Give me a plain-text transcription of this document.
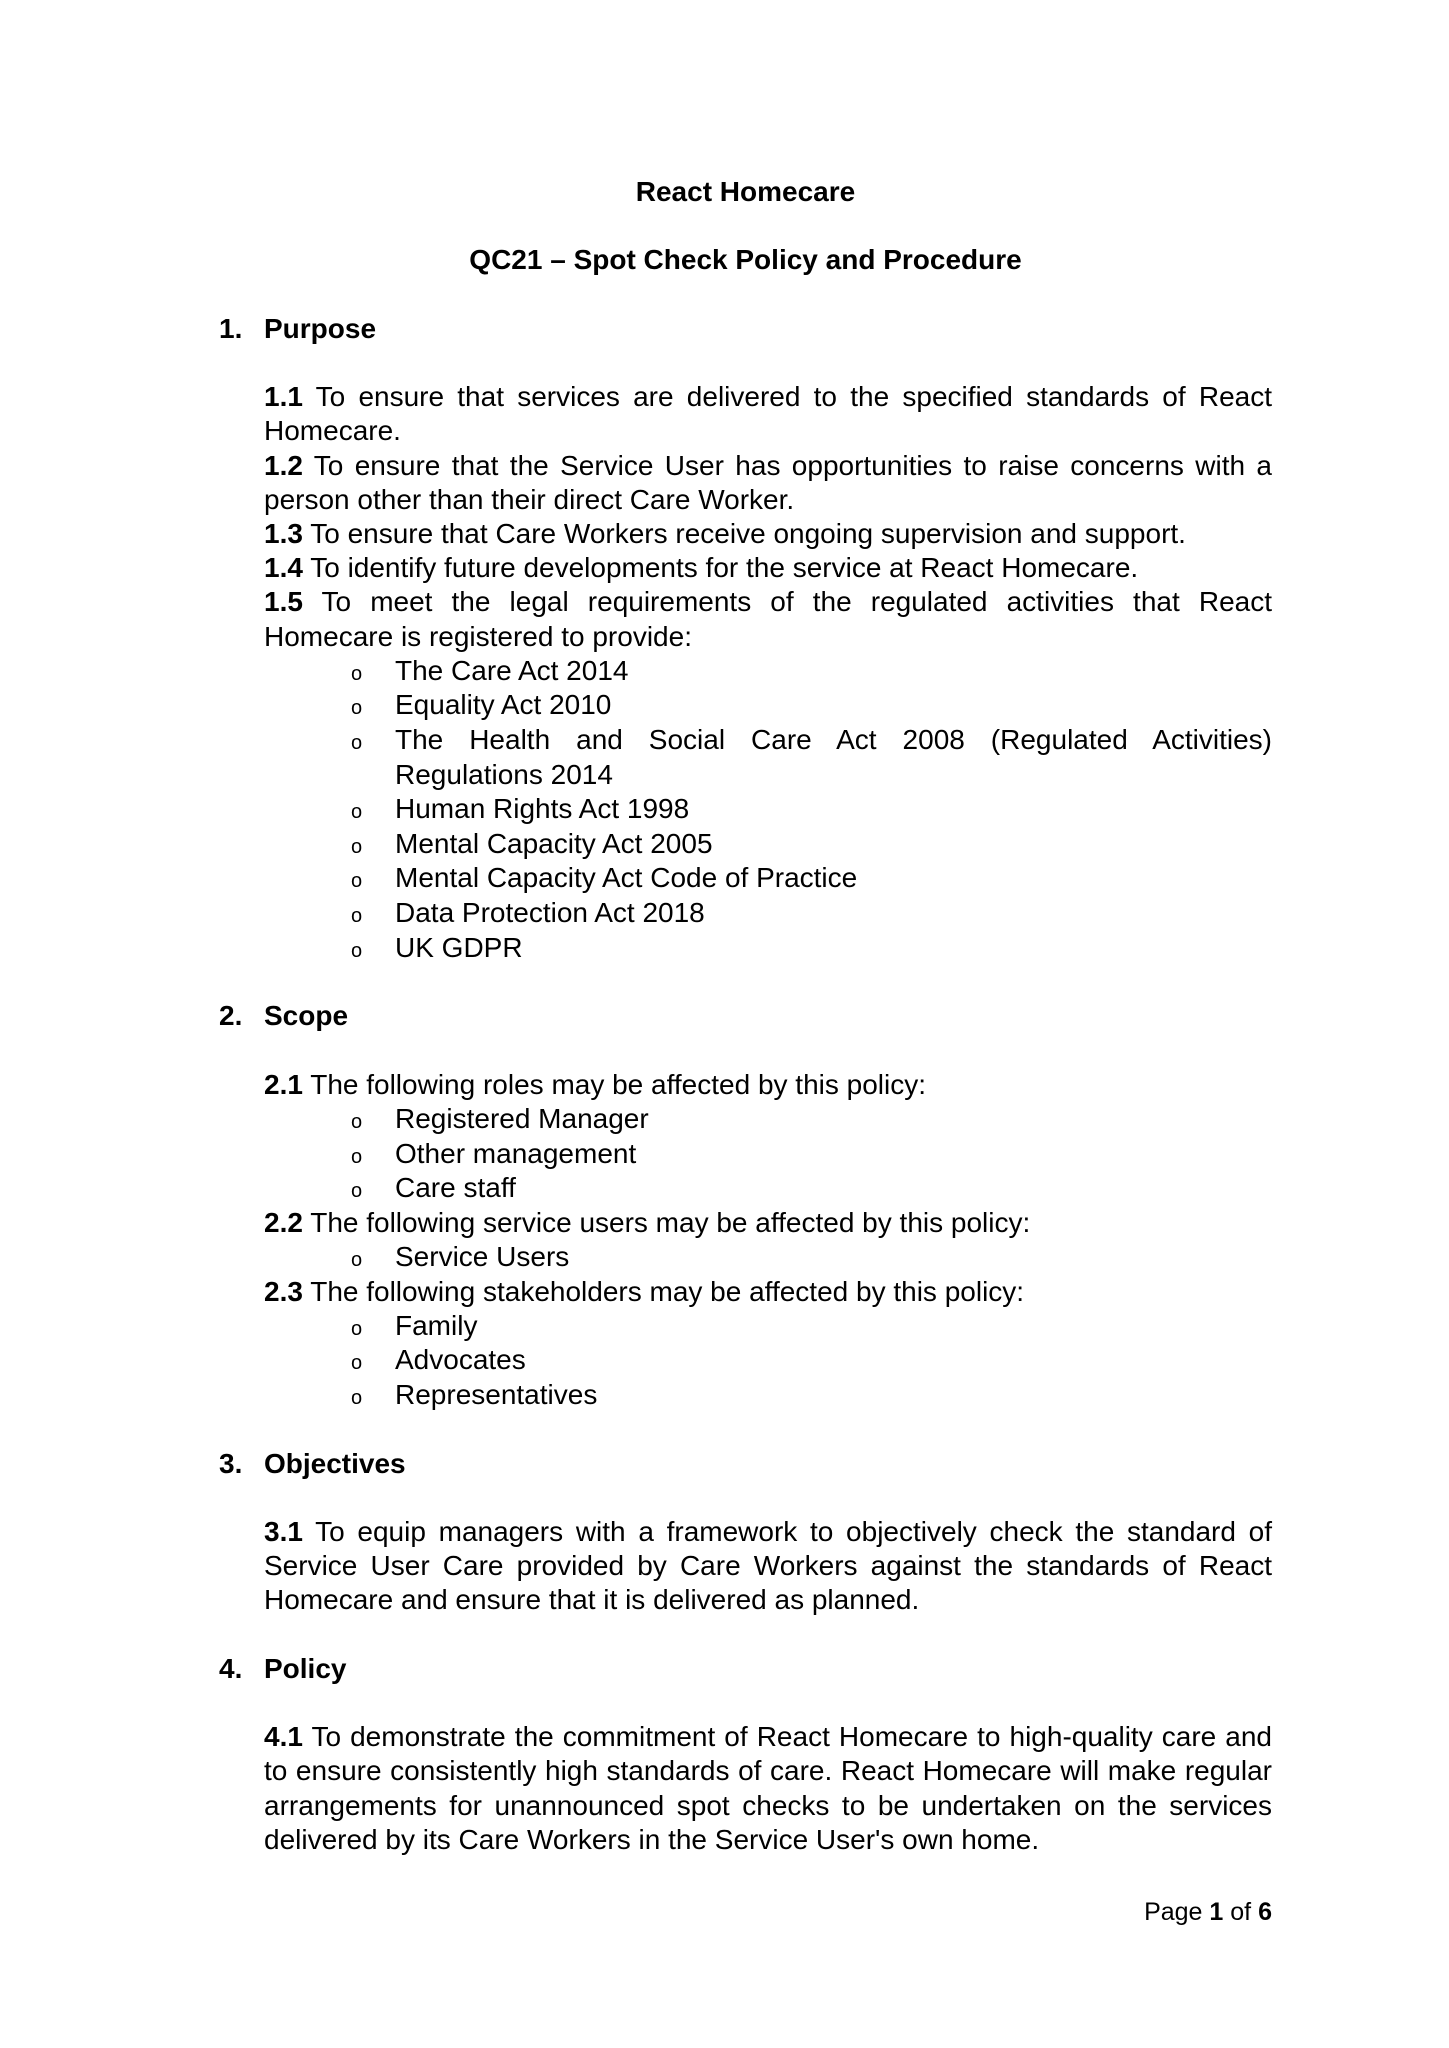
React Homecare
QC21 – Spot Check Policy and Procedure
1. Purpose
1.1 To ensure that services are delivered to the specified standards of React Homecare.
1.2 To ensure that the Service User has opportunities to raise concerns with a person other than their direct Care Worker.
1.3 To ensure that Care Workers receive ongoing supervision and support.
1.4 To identify future developments for the service at React Homecare.
1.5 To meet the legal requirements of the regulated activities that React Homecare is registered to provide:
o The Care Act 2014
o Equality Act 2010
o The Health and Social Care Act 2008 (Regulated Activities) Regulations 2014
o Human Rights Act 1998
o Mental Capacity Act 2005
o Mental Capacity Act Code of Practice
o Data Protection Act 2018
o UK GDPR
2. Scope
2.1 The following roles may be affected by this policy:
o Registered Manager
o Other management
o Care staff
2.2 The following service users may be affected by this policy:
o Service Users
2.3 The following stakeholders may be affected by this policy:
o Family
o Advocates
o Representatives
3. Objectives
3.1 To equip managers with a framework to objectively check the standard of Service User Care provided by Care Workers against the standards of React Homecare and ensure that it is delivered as planned.
4. Policy
4.1 To demonstrate the commitment of React Homecare to high-quality care and to ensure consistently high standards of care. React Homecare will make regular arrangements for unannounced spot checks to be undertaken on the services delivered by its Care Workers in the Service User's own home.
Page 1 of 6
